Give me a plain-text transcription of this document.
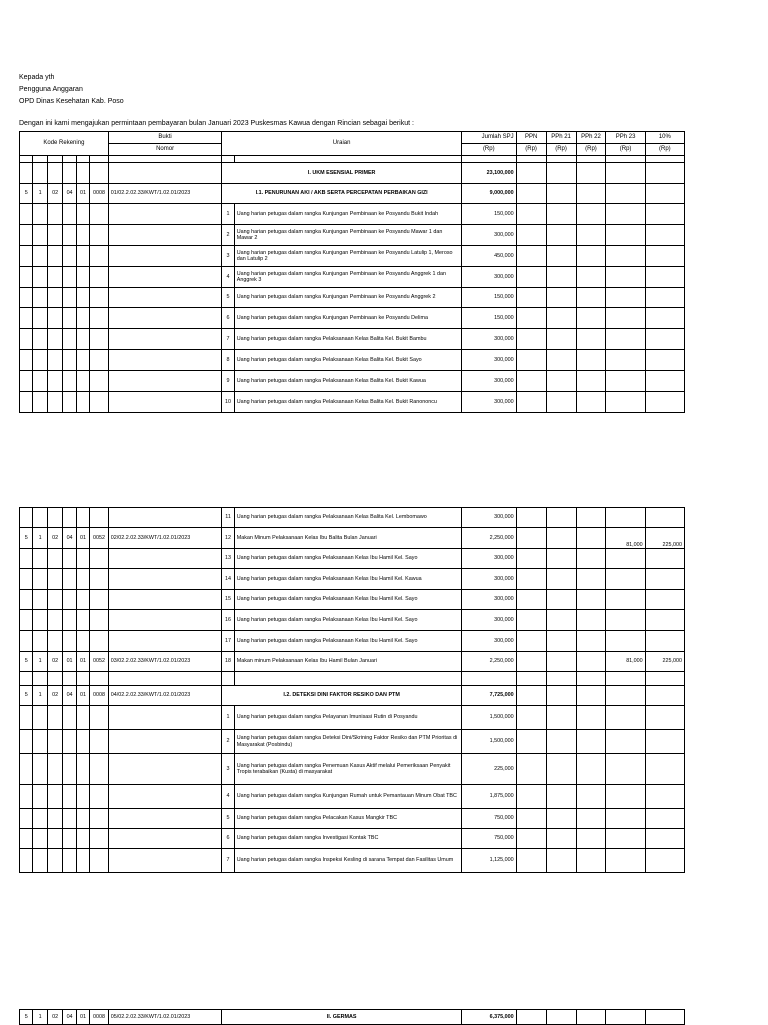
Kepada yth
Pengguna Anggaran
OPD Dinas Kesehatan Kab. Poso
Dengan ini kami mengajukan permintaan pembayaran bulan Januari 2023 Puskesmas Kawua dengan Rincian sebagai berikut :
Kode Rekening						Bukti	Uraian		Jumlah SPJ	PPN	PPh 21	PPh 22	PPh 23	10%
						Nomor			(Rp)	(Rp)	(Rp)	(Rp)	(Rp)	(Rp)

							I. UKM ESENSIAL PRIMER		23,100,000					
5	1	02	04	01	0008	01/02.2.02.33/KWT/1.02.01/2023	I.1. PENURUNAN AKI / AKB SERTA PERCEPATAN PERBAIKAN GIZI		9,000,000					
							1	Uang harian petugas dalam rangka Kunjungan Pembinaan ke Posyandu Bukit Indah	150,000					
							2	Uang harian petugas dalam rangka Kunjungan Pembinaan ke Posyandu Mawar 1 dan Mawar 2	300,000					
							3	Uang harian petugas dalam rangka Kunjungan Pembinaan ke Posyandu Latulip 1, Meroso dan Latulip 2	450,000					
							4	Uang harian petugas dalam rangka Kunjungan Pembinaan ke Posyandu Anggrek 1 dan Anggrek 3	300,000					
							5	Uang harian petugas dalam rangka Kunjungan Pembinaan ke Posyandu Anggrek 2	150,000					
							6	Uang harian petugas dalam rangka Kunjungan Pembinaan ke Posyandu Delima	150,000					
							7	Uang harian petugas dalam rangka Pelaksanaan Kelas Balita Kel. Bukit Bambu	300,000					
							8	Uang harian petugas dalam rangka Pelaksanaan Kelas Balita Kel. Bukit Sayo	300,000					
							9	Uang harian petugas dalam rangka Pelaksanaan Kelas Balita Kel. Bukit Kawua	300,000					
							10	Uang harian petugas dalam rangka Pelaksanaan Kelas Balita Kel. Bukit Ranononcu	300,000					
							11	Uang harian petugas dalam rangka Pelaksanaan Kelas Balita Kel. Lembomawo	300,000					
5	1	02	04	01	0052	02/02.2.02.33/KWT/1.02.01/2023	12	Makan Minum Pelaksanaan Kelas Ibu Balita Bulan Januari	2,250,000				81,000	225,000
							13	Uang harian petugas dalam rangka Pelaksanaan Kelas Ibu Hamil Kel. Sayo	300,000					
							14	Uang harian petugas dalam rangka Pelaksanaan Kelas Ibu Hamil Kel. Kawua	300,000					
							15	Uang harian petugas dalam rangka Pelaksanaan Kelas Ibu Hamil Kel. Sayo	300,000					
							16	Uang harian petugas dalam rangka Pelaksanaan Kelas Ibu Hamil Kel. Sayo	300,000					
							17	Uang harian petugas dalam rangka Pelaksanaan Kelas Ibu Hamil Kel. Sayo	300,000					
5	1	02	01	01	0052	03/02.2.02.33/KWT/1.02.01/2023	18	Makan minum Pelaksanaan Kelas Ibu Hamil Bulan Januari	2,250,000				81,000	225,000

5	1	02	04	01	0008	04/02.2.02.33/KWT/1.02.01/2023	I.2. DETEKSI DINI FAKTOR RESIKO DAN PTM		7,725,000					
							1	Uang harian petugas dalam rangka Pelayanan Imunisasi Rutin di Posyandu	1,500,000					
							2	Uang harian petugas dalam rangka Deteksi Dini/Skrining Faktor Resiko dan PTM Prioritas di Masyarakat (Posbindu)	1,500,000					
							3	Uang harian petugas dalam rangka Penemuan Kasus Aktif melalui Pemeriksaan Penyakit Tropis terabaikan (Kusta) di masyarakat	225,000					
							4	Uang harian petugas dalam rangka Kunjungan Rumah untuk Pemantauan Minum Obat TBC	1,875,000					
							5	Uang harian petugas dalam rangka Pelacakan Kasus Mangkir TBC	750,000					
							6	Uang harian petugas dalam rangka Investigasi Kontak TBC	750,000					
							7	Uang harian petugas dalam rangka Inspeksi Kesling di sarana Tempat dan Fasilitas Umum	1,125,000					
5	1	02	04	01	0008	05/02.2.02.33/KWT/1.02.01/2023	II. GERMAS	6,375,000					
